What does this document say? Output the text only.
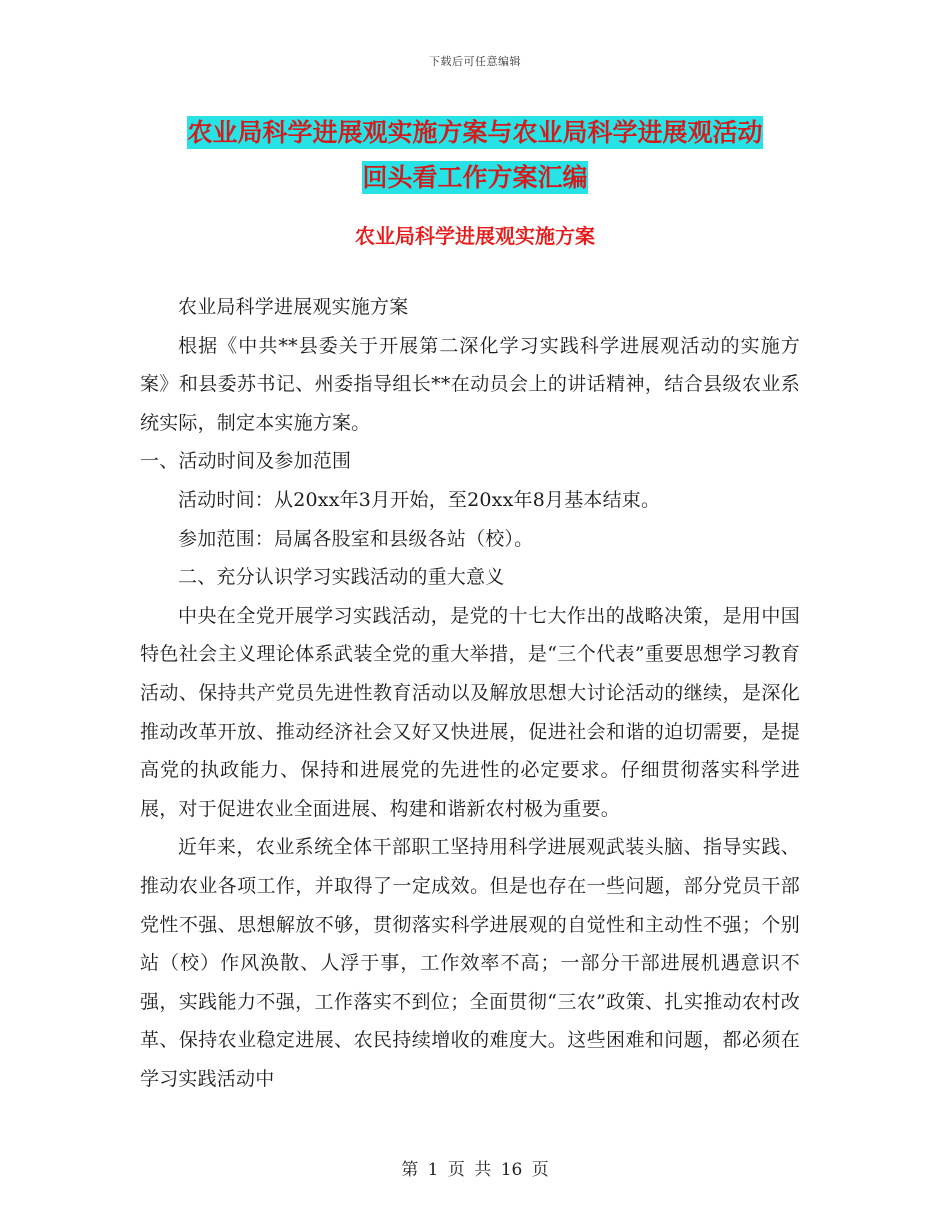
下载后可任意编辑
农业局科学进展观实施方案与农业局科学进展观活动
回头看工作方案汇编
农业局科学进展观实施方案

农业局科学进展观实施方案

根据《中共**县委关于开展第二深化学习实践科学进展观活动的实施方案》和县委苏书记、州委指导组长**在动员会上的讲话精神，结合县级农业系统实际，制定本实施方案。

一、活动时间及参加范围

活动时间：从20xx年3月开始，至20xx年8月基本结束。

参加范围：局属各股室和县级各站（校）。

二、充分认识学习实践活动的重大意义

中央在全党开展学习实践活动，是党的十七大作出的战略决策，是用中国特色社会主义理论体系武装全党的重大举措，是“三个代表”重要思想学习教育活动、保持共产党员先进性教育活动以及解放思想大讨论活动的继续，是深化推动改革开放、推动经济社会又好又快进展，促进社会和谐的迫切需要，是提高党的执政能力、保持和进展党的先进性的必定要求。仔细贯彻落实科学进展，对于促进农业全面进展、构建和谐新农村极为重要。

近年来，农业系统全体干部职工坚持用科学进展观武装头脑、指导实践、推动农业各项工作，并取得了一定成效。但是也存在一些问题，部分党员干部党性不强、思想解放不够，贯彻落实科学进展观的自觉性和主动性不强；个别站（校）作风涣散、人浮于事，工作效率不高；一部分干部进展机遇意识不强，实践能力不强，工作落实不到位；全面贯彻“三农”政策、扎实推动农村改革、保持农业稳定进展、农民持续增收的难度大。这些困难和问题，都必须在学习实践活动中

第 1 页 共 16 页
